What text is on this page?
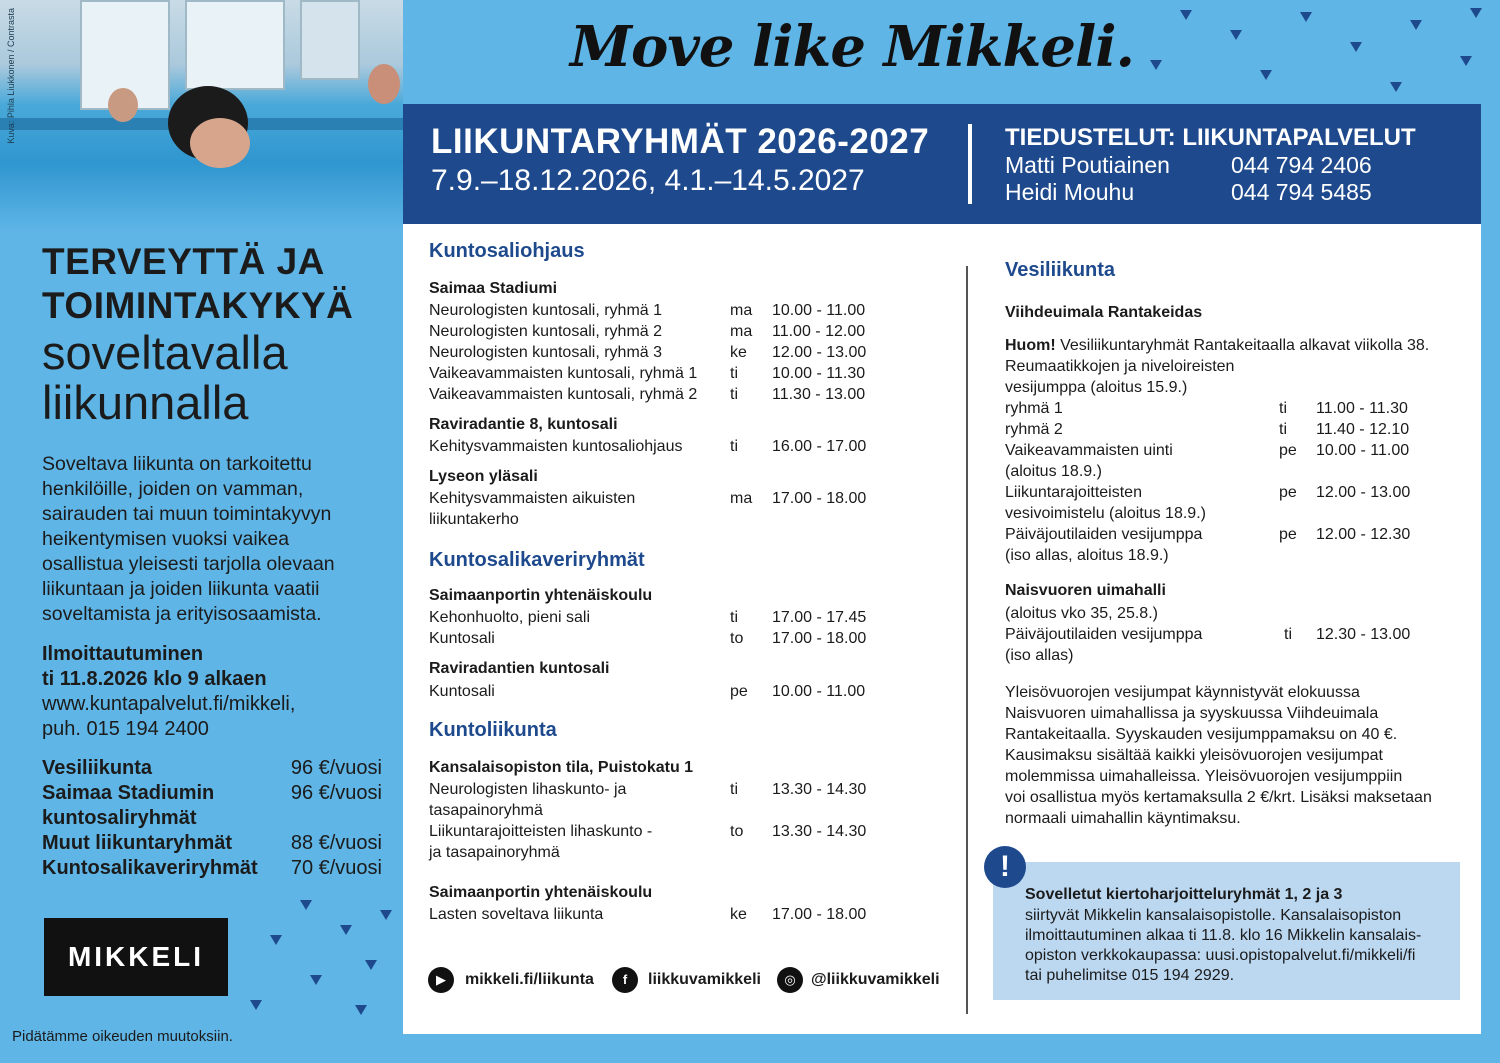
Kuva: Pihla Liukkonen / Contrasta	Move like Mikkeli.
TERVEYTTÄ JA
TOIMINTAKYKYÄ
soveltavalla
liikunnalla
Soveltava liikunta on tarkoitettu henkilöille, joiden on vamman, sairauden tai muun toimintakyvyn heikentymisen vuoksi vaikea osallistua yleisesti tarjolla olevaan liikuntaan ja joiden liikunta vaatii soveltamista ja erityisosaamista.
Ilmoittautuminen
ti 11.8.2026 klo 9 alkaen
www.kuntapalvelut.fi/mikkeli,
puh. 015 194 2400
Vesiliikunta	96 €/vuosi
Saimaa Stadiumin	96 €/vuosi
kuntosaliryhmät
Muut liikuntaryhmät	88 €/vuosi
Kuntosalikaveriryhmät 70 €/vuosi
MIKKELI
Pidätämme oikeuden muutoksiin.
LIIKUNTARYHMÄT 2026-2027
7.9.–18.12.2026, 4.1.–14.5.2027
TIEDUSTELUT: LIIKUNTAPALVELUT
Matti Poutiainen	044 794 2406
Heidi Mouhu	044 794 5485
Kuntosaliohjaus
Saimaa Stadiumi
Neurologisten kuntosali, ryhmä 1	ma 10.00 - 11.00
Neurologisten kuntosali, ryhmä 2	ma 11.00 - 12.00
Neurologisten kuntosali, ryhmä 3	ke 12.00 - 13.00
Vaikeavammaisten kuntosali, ryhmä 1 ti 10.00 - 11.30
Vaikeavammaisten kuntosali, ryhmä 2 ti 11.30 - 13.00
Raviradantie 8, kuntosali
Kehitysvammaisten kuntosaliohjaus	ti 16.00 - 17.00
Lyseon yläsali
Kehitysvammaisten aikuisten	ma 17.00 - 18.00
liikuntakerho
Kuntosalikaveriryhmät
Saimaanportin yhtenäiskoulu
Kehonhuolto, pieni sali	ti 17.00 - 17.45
Kuntosali	to 17.00 - 18.00
Raviradantien kuntosali
Kuntosali	pe 10.00 - 11.00
Kuntoliikunta
Kansalaisopiston tila, Puistokatu 1
Neurologisten lihaskunto- ja	ti 13.30 - 14.30
tasapainoryhmä
Liikuntarajoitteisten lihaskunto -	to 13.30 - 14.30
ja tasapainoryhmä
Saimaanportin yhtenäiskoulu
Lasten soveltava liikunta	ke 17.00 - 18.00
▶	mikkeli.fi/liikunta	f	liikkuvamikkeli	◎ @liikkuvamikkeli
Vesiliikunta
Viihdeuimala Rantakeidas
Huom! Vesiliikuntaryhmät Rantakeitaalla alkavat viikolla 38.
Reumaatikkojen ja niveloireisten
vesijumppa (aloitus 15.9.)
ryhmä 1	ti 11.00 - 11.30
ryhmä 2	ti 11.40 - 12.10
Vaikeavammaisten uinti	pe 10.00 - 11.00
(aloitus 18.9.)
Liikuntarajoitteisten	pe 12.00 - 13.00
vesivoimistelu (aloitus 18.9.)
Päiväjoutilaiden vesijumppa	pe 12.00 - 12.30
(iso allas, aloitus 18.9.)
Naisvuoren uimahalli
(aloitus vko 35, 25.8.)
Päiväjoutilaiden vesijumppa	ti 12.30 - 13.00
(iso allas)
Yleisövuorojen vesijumpat käynnistyvät elokuussa
Naisvuoren uimahallissa ja syyskuussa Viihdeuimala
Rantakeitaalla. Syyskauden vesijumppamaksu on 40 €.
Kausimaksu sisältää kaikki yleisövuorojen vesijumpat
molemmissa uimahalleissa. Yleisövuorojen vesijumppiin
voi osallistua myös kertamaksulla 2 €/krt. Lisäksi maksetaan
normaali uimahallin käyntimaksu.
!
Sovelletut kiertoharjoitteluryhmät 1, 2 ja 3
siirtyvät Mikkelin kansalaisopistolle. Kansalaisopiston
ilmoittautuminen alkaa ti 11.8. klo 16 Mikkelin kansalais-
opiston verkkokaupassa: uusi.opistopalvelut.fi/mikkeli/fi
tai puhelimitse 015 194 2929.
